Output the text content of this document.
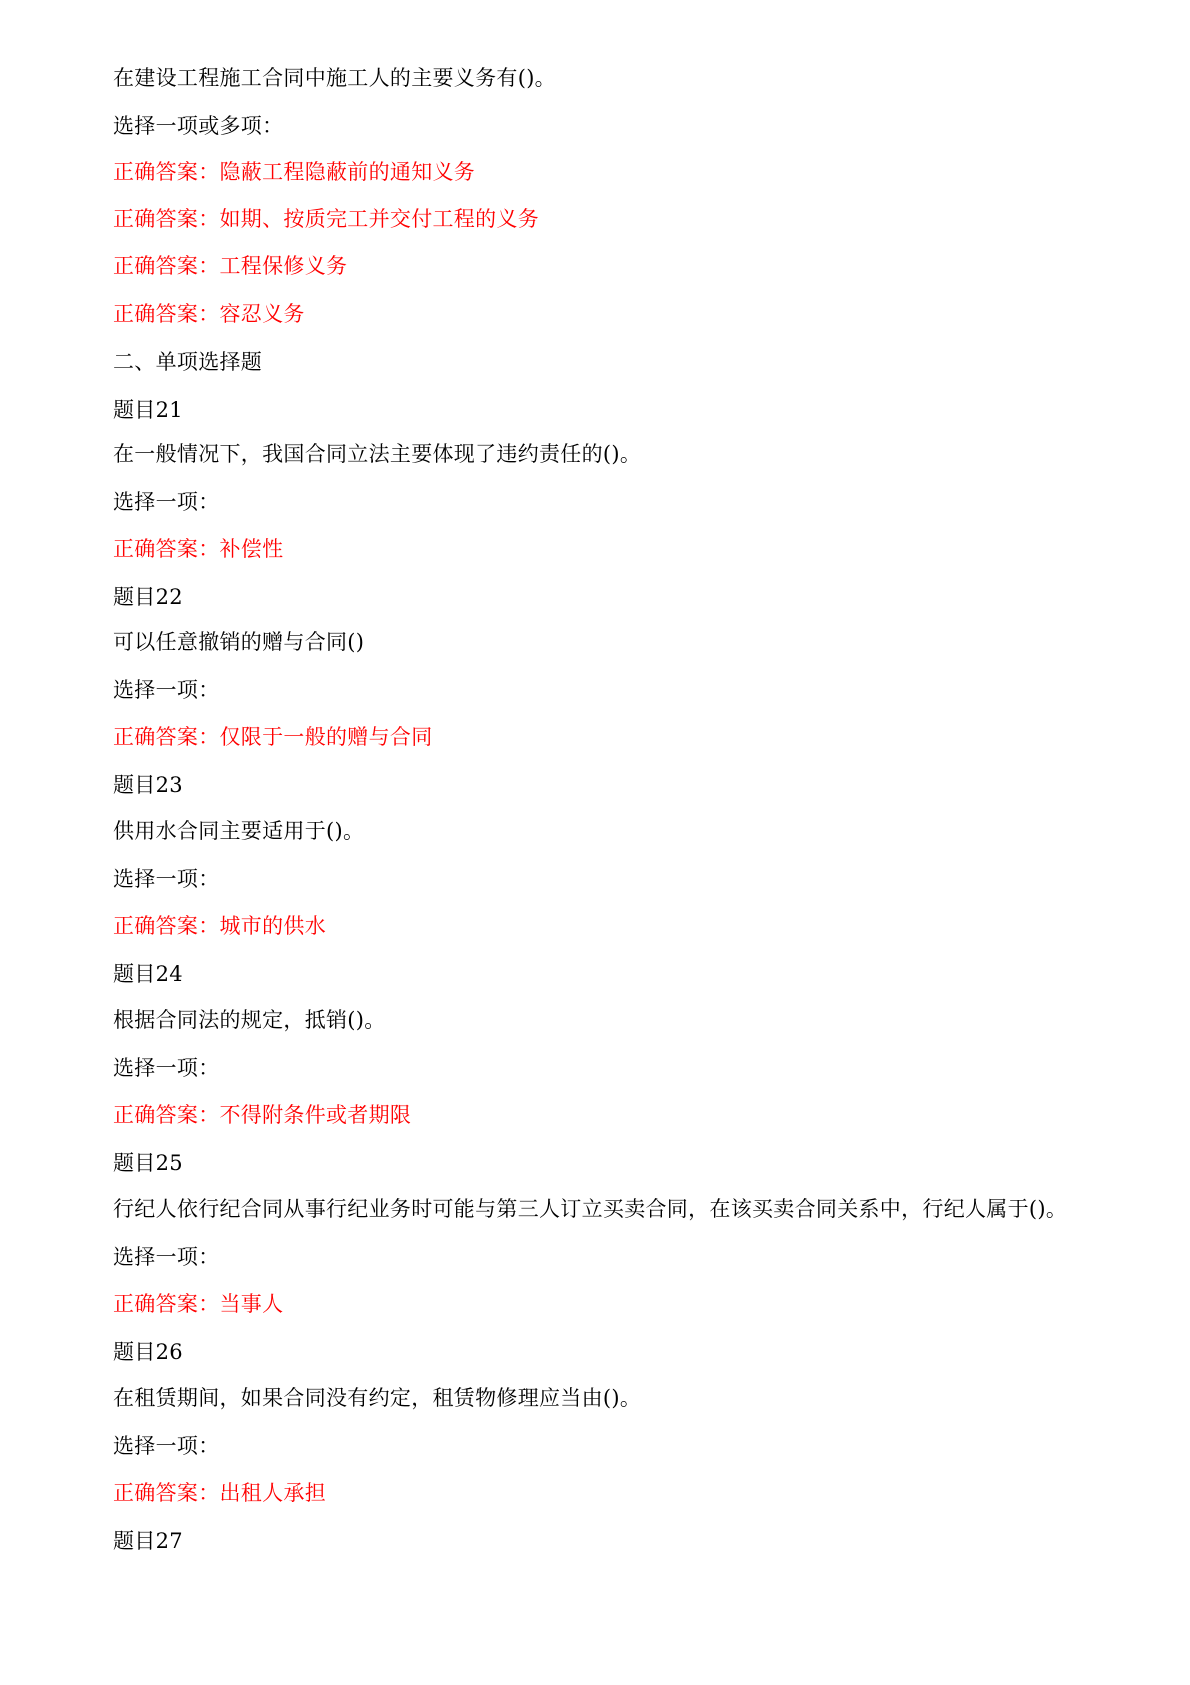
在建设工程施工合同中施工人的主要义务有()。
选择一项或多项：
正确答案：隐蔽工程隐蔽前的通知义务
正确答案：如期、按质完工并交付工程的义务
正确答案：工程保修义务
正确答案：容忍义务
二、单项选择题
题目21
在一般情况下，我国合同立法主要体现了违约责任的()。
选择一项：
正确答案：补偿性
题目22
可以任意撤销的赠与合同()
选择一项：
正确答案：仅限于一般的赠与合同
题目23
供用水合同主要适用于()。
选择一项：
正确答案：城市的供水
题目24
根据合同法的规定，抵销()。
选择一项：
正确答案：不得附条件或者期限
题目25
行纪人依行纪合同从事行纪业务时可能与第三人订立买卖合同，在该买卖合同关系中，行纪人属于()。
选择一项：
正确答案：当事人
题目26
在租赁期间，如果合同没有约定，租赁物修理应当由()。
选择一项：
正确答案：出租人承担
题目27
